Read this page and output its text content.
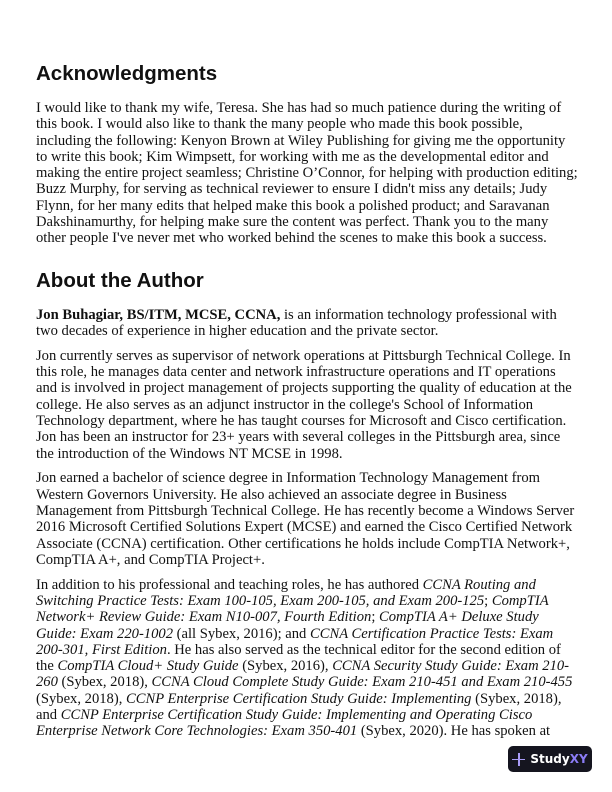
Acknowledgments

I would like to thank my wife, Teresa. She has had so much patience during the writing of this book. I would also like to thank the many people who made this book possible, including the following: Kenyon Brown at Wiley Publishing for giving me the opportunity to write this book; Kim Wimpsett, for working with me as the developmental editor and making the entire project seamless; Christine O’Connor, for helping with production editing; Buzz Murphy, for serving as technical reviewer to ensure I didn't miss any details; Judy Flynn, for her many edits that helped make this book a polished product; and Saravanan Dakshinamurthy, for helping make sure the content was perfect. Thank you to the many other people I've never met who worked behind the scenes to make this book a success.

About the Author

Jon Buhagiar, BS/ITM, MCSE, CCNA, is an information technology professional with two decades of experience in higher education and the private sector.

Jon currently serves as supervisor of network operations at Pittsburgh Technical College. In this role, he manages data center and network infrastructure operations and IT operations and is involved in project management of projects supporting the quality of education at the college. He also serves as an adjunct instructor in the college's School of Information Technology department, where he has taught courses for Microsoft and Cisco certification. Jon has been an instructor for 23+ years with several colleges in the Pittsburgh area, since the introduction of the Windows NT MCSE in 1998.

Jon earned a bachelor of science degree in Information Technology Management from Western Governors University. He also achieved an associate degree in Business Management from Pittsburgh Technical College. He has recently become a Windows Server 2016 Microsoft Certified Solutions Expert (MCSE) and earned the Cisco Certified Network Associate (CCNA) certification. Other certifications he holds include CompTIA Network+, CompTIA A+, and CompTIA Project+.

In addition to his professional and teaching roles, he has authored CCNA Routing and Switching Practice Tests: Exam 100-105, Exam 200-105, and Exam 200-125; CompTIA Network+ Review Guide: Exam N10-007, Fourth Edition; CompTIA A+ Deluxe Study Guide: Exam 220-1002 (all Sybex, 2016); and CCNA Certification Practice Tests: Exam 200-301, First Edition. He has also served as the technical editor for the second edition of the CompTIA Cloud+ Study Guide (Sybex, 2016), CCNA Security Study Guide: Exam 210-260 (Sybex, 2018), CCNA Cloud Complete Study Guide: Exam 210-451 and Exam 210-455 (Sybex, 2018), CCNP Enterprise Certification Study Guide: Implementing (Sybex, 2018), and CCNP Enterprise Certification Study Guide: Implementing and Operating Cisco Enterprise Network Core Technologies: Exam 350-401 (Sybex, 2020). He has spoken at

StudyXY
